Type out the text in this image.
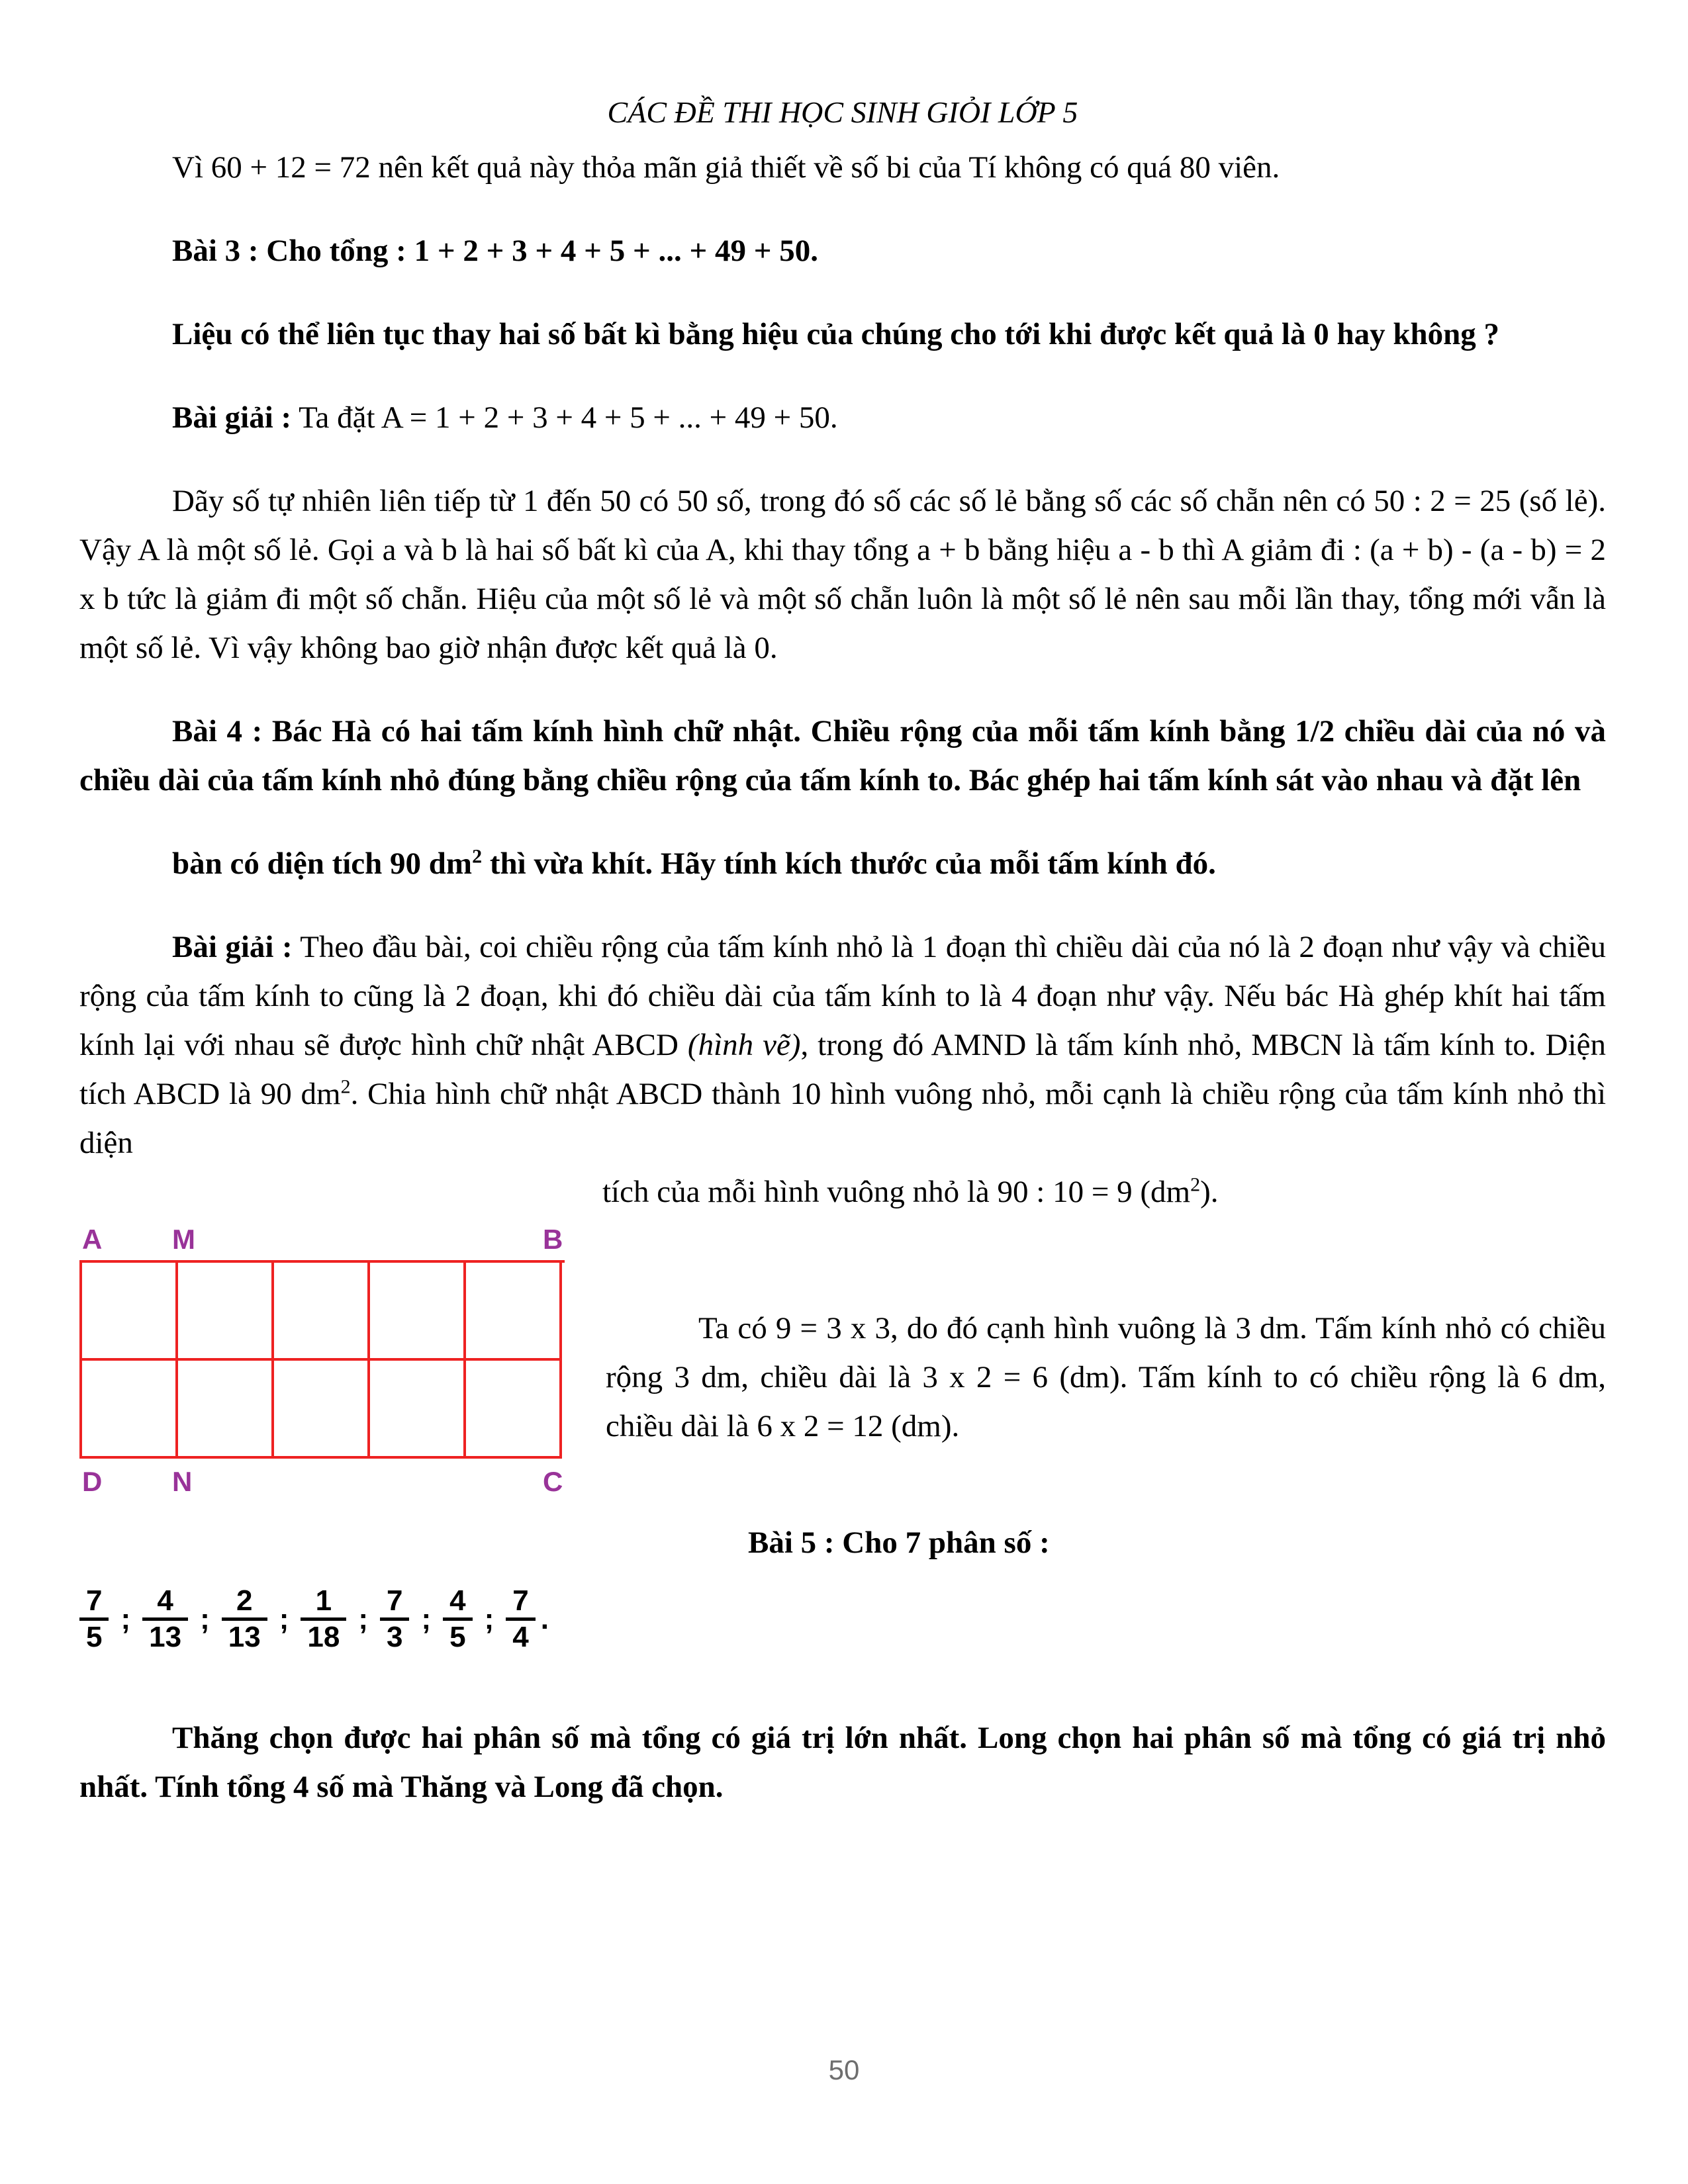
CÁC ĐỀ THI HỌC SINH GIỎI LỚP 5

Vì 60 + 12 = 72 nên kết quả này thỏa mãn giả thiết về số bi của Tí không có quá 80 viên.

Bài 3 : Cho tổng : 1 + 2 + 3 + 4 + 5 + ... + 49 + 50.

Liệu có thể liên tục thay hai số bất kì bằng hiệu của chúng cho tới khi được kết quả là 0 hay không ?

Bài giải : Ta đặt A = 1 + 2 + 3 + 4 + 5 + ... + 49 + 50.

Dãy số tự nhiên liên tiếp từ 1 đến 50 có 50 số, trong đó số các số lẻ bằng số các số chẵn nên có 50 : 2 = 25 (số lẻ). Vậy A là một số lẻ. Gọi a và b là hai số bất kì của A, khi thay tổng a + b bằng hiệu a - b thì A giảm đi : (a + b) - (a - b) = 2 x b tức là giảm đi một số chẵn. Hiệu của một số lẻ và một số chẵn luôn là một số lẻ nên sau mỗi lần thay, tổng mới vẫn là một số lẻ. Vì vậy không bao giờ nhận được kết quả là 0.

Bài 4 : Bác Hà có hai tấm kính hình chữ nhật. Chiều rộng của mỗi tấm kính bằng 1/2 chiều dài của nó và chiều dài của tấm kính nhỏ đúng bằng chiều rộng của tấm kính to. Bác ghép hai tấm kính sát vào nhau và đặt lên

bàn có diện tích 90 $dm^2$ thì vừa khít. Hãy tính kích thước của mỗi tấm kính đó.

Bài giải : Theo đầu bài, coi chiều rộng của tấm kính nhỏ là 1 đoạn thì chiều dài của nó là 2 đoạn như vậy và chiều rộng của tấm kính to cũng là 2 đoạn, khi đó chiều dài của tấm kính to là 4 đoạn như vậy. Nếu bác Hà ghép khít hai tấm kính lại với nhau sẽ được hình chữ nhật ABCD (hình vẽ), trong đó AMND là tấm kính nhỏ, MBCN là tấm kính to. Diện tích ABCD là 90 $dm^2$. Chia hình chữ nhật ABCD thành 10 hình vuông nhỏ, mỗi cạnh là chiều rộng của tấm kính nhỏ thì diện

tích của mỗi hình vuông nhỏ là 90 : 10 = 9 $(dm^2)$.

A	M	B
D	N	C
Ta có 9 = 3 x 3, do đó cạnh hình vuông là 3 dm. Tấm kính nhỏ có chiều rộng 3 dm, chiều dài là 3 x 2 = 6 (dm). Tấm kính to có chiều rộng là 6 dm, chiều dài là 6 x 2 = 12 (dm).

Bài 5 : Cho 7 phân số :

7
5
;
4
13
;
2
13
;
1
18
;
7
3
;
4
5
;
7
4
.

Thăng chọn được hai phân số mà tổng có giá trị lớn nhất. Long chọn hai phân số mà tổng có giá trị nhỏ nhất. Tính tổng 4 số mà Thăng và Long đã chọn.

50
